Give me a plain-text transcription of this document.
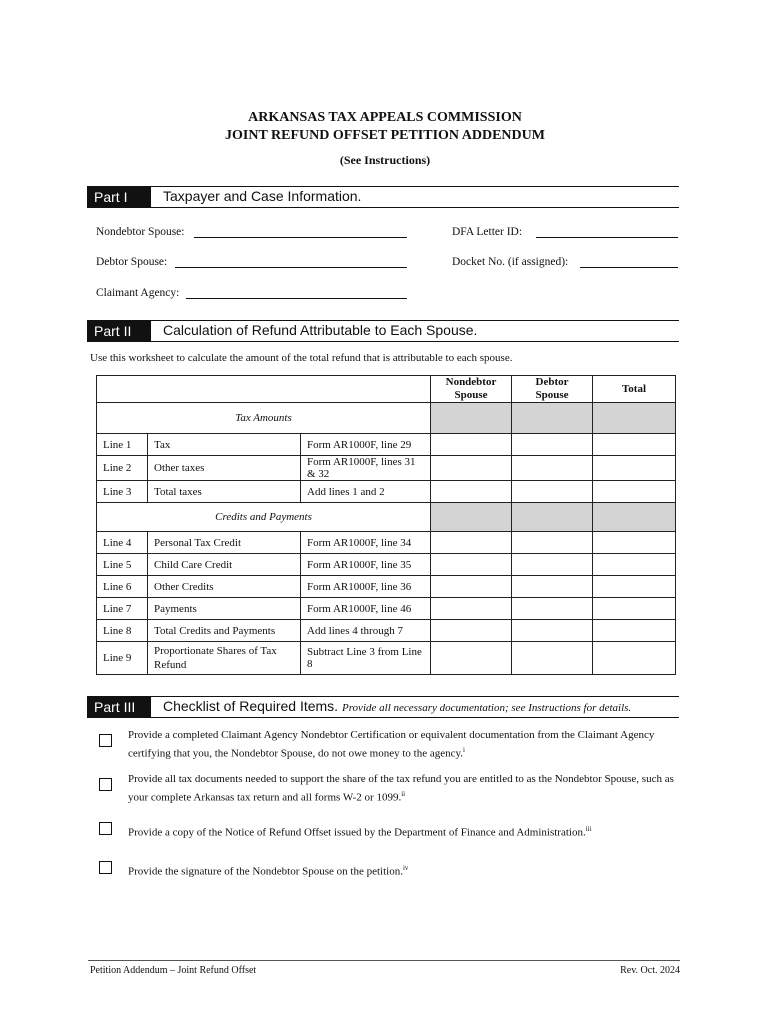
ARKANSAS TAX APPEALS COMMISSION
JOINT REFUND OFFSET PETITION ADDENDUM
(See Instructions)
Part I	Taxpayer and Case Information.
Nondebtor Spouse:	DFA Letter ID:
Debtor Spouse:	Docket No. (if assigned):
Claimant Agency:
Part II	Calculation of Refund Attributable to Each Spouse.
Use this worksheet to calculate the amount of the total refund that is attributable to each spouse.
			Nondebtor Spouse	Debtor Spouse	Total
Tax Amounts					
Line 1	Tax	Form AR1000F, line 29			
Line 2	Other taxes	Form AR1000F, lines 31 & 32			
Line 3	Total taxes	Add lines 1 and 2			
Credits and Payments					
Line 4	Personal Tax Credit	Form AR1000F, line 34			
Line 5	Child Care Credit	Form AR1000F, line 35			
Line 6	Other Credits	Form AR1000F, line 36			
Line 7	Payments	Form AR1000F, line 46			
Line 8	Total Credits and Payments	Add lines 4 through 7			
Line 9	Proportionate Shares of Tax Refund	Subtract Line 3 from Line 8			
Part III	Checklist of Required Items. Provide all necessary documentation; see Instructions for details.
Provide a completed Claimant Agency Nondebtor Certification or equivalent documentation from the Claimant Agency certifying that you, the Nondebtor Spouse, do not owe money to the agency.$^i$
Provide all tax documents needed to support the share of the tax refund you are entitled to as the Nondebtor Spouse, such as your complete Arkansas tax return and all forms W-2 or 1099.$^{ii}$
Provide a copy of the Notice of Refund Offset issued by the Department of Finance and Administration.$^{iii}$
Provide the signature of the Nondebtor Spouse on the petition.$^{iv}$
Petition Addendum – Joint Refund Offset	Rev. Oct. 2024
